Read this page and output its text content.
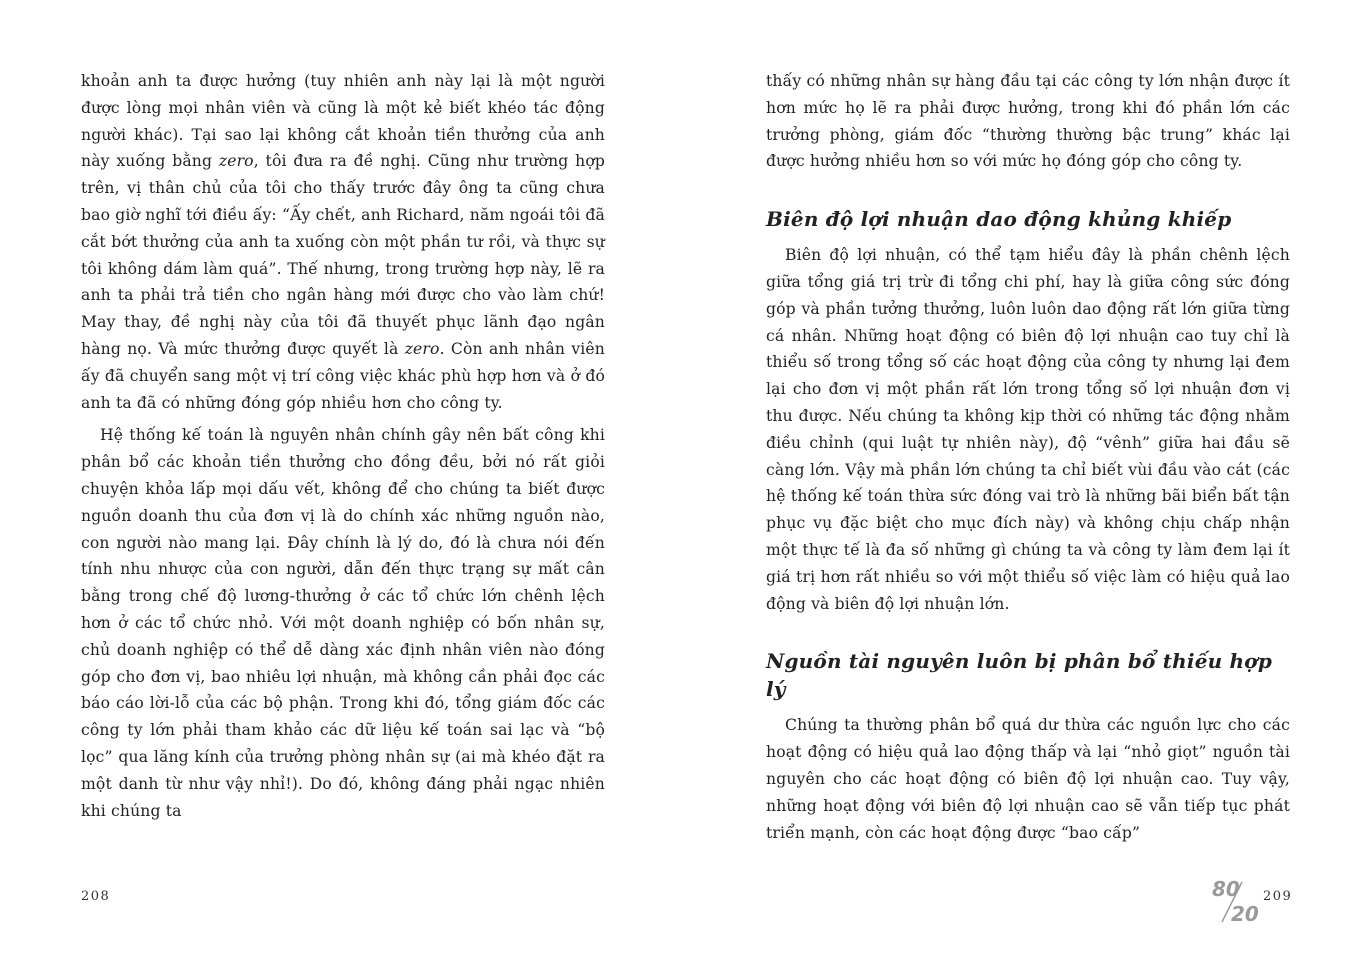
khoản anh ta được hưởng (tuy nhiên anh này lại là một người được lòng mọi nhân viên và cũng là một kẻ biết khéo tác động người khác). Tại sao lại không cắt khoản tiền thưởng của anh này xuống bằng zero, tôi đưa ra đề nghị. Cũng như trường hợp trên, vị thân chủ của tôi cho thấy trước đây ông ta cũng chưa bao giờ nghĩ tới điều ấy: “Ấy chết, anh Richard, năm ngoái tôi đã cắt bớt thưởng của anh ta xuống còn một phần tư rồi, và thực sự tôi không dám làm quá”. Thế nhưng, trong trường hợp này, lẽ ra anh ta phải trả tiền cho ngân hàng mới được cho vào làm chứ! May thay, đề nghị này của tôi đã thuyết phục lãnh đạo ngân hàng nọ. Và mức thưởng được quyết là zero. Còn anh nhân viên ấy đã chuyển sang một vị trí công việc khác phù hợp hơn và ở đó anh ta đã có những đóng góp nhiều hơn cho công ty.

Hệ thống kế toán là nguyên nhân chính gây nên bất công khi phân bổ các khoản tiền thưởng cho đồng đều, bởi nó rất giỏi chuyện khỏa lấp mọi dấu vết, không để cho chúng ta biết được nguồn doanh thu của đơn vị là do chính xác những nguồn nào, con người nào mang lại. Đây chính là lý do, đó là chưa nói đến tính nhu nhược của con người, dẫn đến thực trạng sự mất cân bằng trong chế độ lương-thưởng ở các tổ chức lớn chênh lệch hơn ở các tổ chức nhỏ. Với một doanh nghiệp có bốn nhân sự, chủ doanh nghiệp có thể dễ dàng xác định nhân viên nào đóng góp cho đơn vị, bao nhiêu lợi nhuận, mà không cần phải đọc các báo cáo lời-lỗ của các bộ phận. Trong khi đó, tổng giám đốc các công ty lớn phải tham khảo các dữ liệu kế toán sai lạc và “bộ lọc” qua lăng kính của trưởng phòng nhân sự (ai mà khéo đặt ra một danh từ như vậy nhỉ!). Do đó, không đáng phải ngạc nhiên khi chúng ta

thấy có những nhân sự hàng đầu tại các công ty lớn nhận được ít hơn mức họ lẽ ra phải được hưởng, trong khi đó phần lớn các trưởng phòng, giám đốc “thường thường bậc trung” khác lại được hưởng nhiều hơn so với mức họ đóng góp cho công ty.

Biên độ lợi nhuận dao động khủng khiếp

Biên độ lợi nhuận, có thể tạm hiểu đây là phần chênh lệch giữa tổng giá trị trừ đi tổng chi phí, hay là giữa công sức đóng góp và phần tưởng thưởng, luôn luôn dao động rất lớn giữa từng cá nhân. Những hoạt động có biên độ lợi nhuận cao tuy chỉ là thiểu số trong tổng số các hoạt động của công ty nhưng lại đem lại cho đơn vị một phần rất lớn trong tổng số lợi nhuận đơn vị thu được. Nếu chúng ta không kịp thời có những tác động nhằm điều chỉnh (qui luật tự nhiên này), độ “vênh” giữa hai đầu sẽ càng lớn. Vậy mà phần lớn chúng ta chỉ biết vùi đầu vào cát (các hệ thống kế toán thừa sức đóng vai trò là những bãi biển bất tận phục vụ đặc biệt cho mục đích này) và không chịu chấp nhận một thực tế là đa số những gì chúng ta và công ty làm đem lại ít giá trị hơn rất nhiều so với một thiểu số việc làm có hiệu quả lao động và biên độ lợi nhuận lớn.

Nguồn tài nguyên luôn bị phân bổ thiếu hợp lý

Chúng ta thường phân bổ quá dư thừa các nguồn lực cho các hoạt động có hiệu quả lao động thấp và lại “nhỏ giọt” nguồn tài nguyên cho các hoạt động có biên độ lợi nhuận cao. Tuy vậy, những hoạt động với biên độ lợi nhuận cao sẽ vẫn tiếp tục phát triển mạnh, còn các hoạt động được “bao cấp”

208	80
20
209
